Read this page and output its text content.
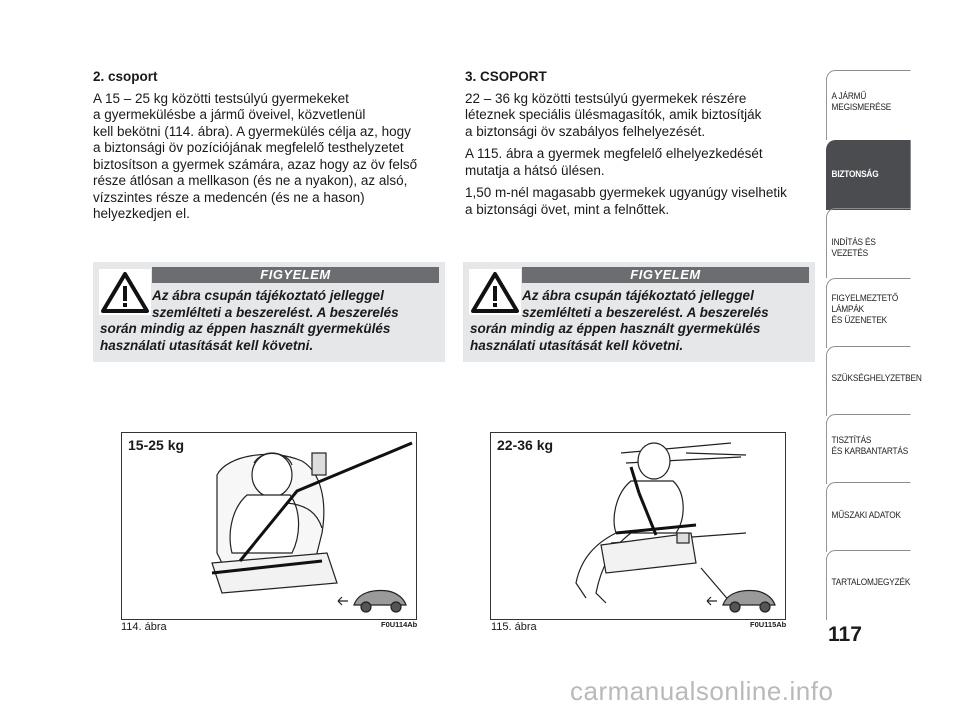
2. csoport
A 15 – 25 kg közötti testsúlyú gyermekeket
a gyermekülésbe a jármű öveivel, közvetlenül
kell bekötni (114. ábra). A gyermekülés célja az, hogy
a biztonsági öv pozíciójának megfelelő testhelyzetet
biztosítson a gyermek számára, azaz hogy az öv felső
része átlósan a mellkason (és ne a nyakon), az alsó,
vízszintes része a medencén (és ne a hason)
helyezkedjen el.
3. CSOPORT

22 – 36 kg közötti testsúlyú gyermekek részére
léteznek speciális ülésmagasítók, amik biztosítják
a biztonsági öv szabályos felhelyezését.

A 115. ábra a gyermek megfelelő elhelyezkedését
mutatja a hátsó ülésen.

1,50 m-nél magasabb gyermekek ugyanúgy viselhetik
a biztonsági övet, mint a felnőttek.

FIGYELEM
Az ábra csupán tájékoztató jelleggel
szemlélteti a beszerelést. A beszerelés
során mindig az éppen használt gyermekülés
használati utasítását kell követni.
FIGYELEM
Az ábra csupán tájékoztató jelleggel
szemlélteti a beszerelést. A beszerelés
során mindig az éppen használt gyermekülés
használati utasítását kell követni.
15-25 kg
114. ábra	F0U114Ab
22-36 kg
115. ábra	F0U115Ab
A JÁRMŰ
MEGISMERÉSE
BIZTONSÁG
INDÍTÁS ÉS VEZETÉS
FIGYELMEZTETŐ
LÁMPÁK
ÉS ÜZENETEK
SZÜKSÉGHELYZETBEN
TISZTÍTÁS
ÉS KARBANTARTÁS
MŰSZAKI ADATOK
TARTALOMJEGYZÉK
117
carmanualsonline.info
